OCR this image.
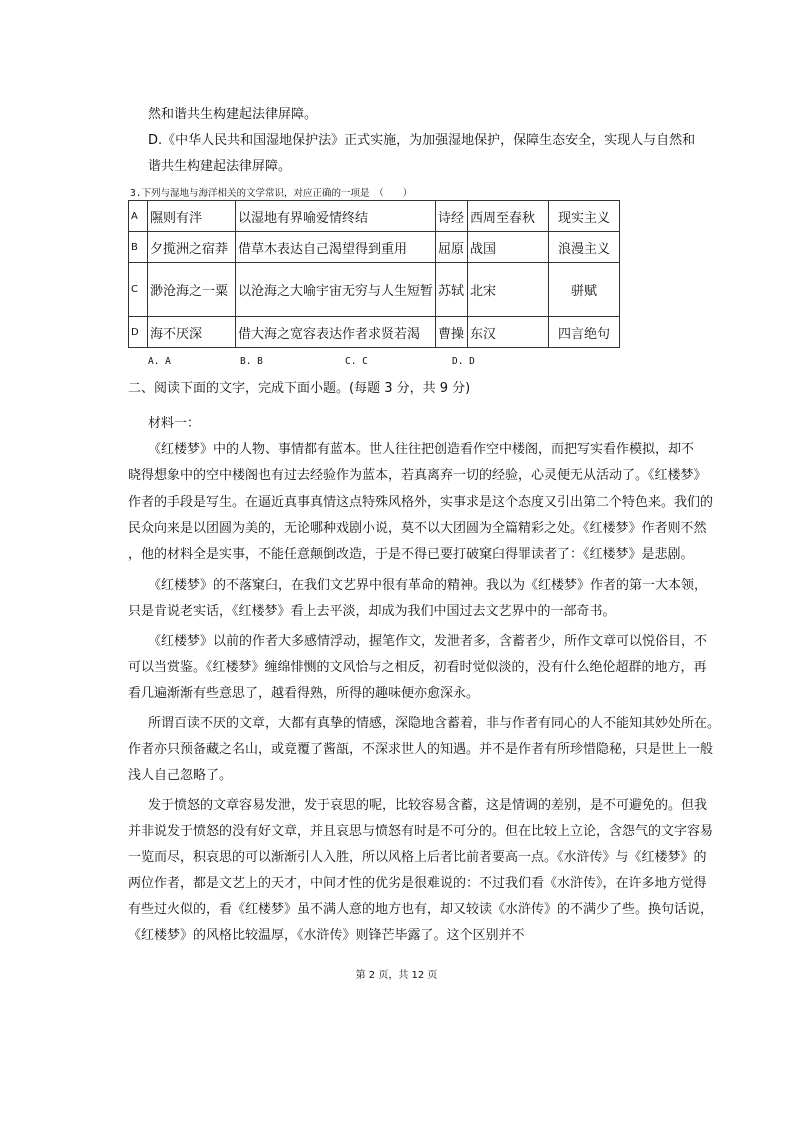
然和谐共生构建起法律屏障。
D.《中华人民共和国湿地保护法》正式实施，为加强湿地保护，保障生态安全，实现人与自然和
谐共生构建起法律屏障。
3.下列与湿地与海洋相关的文学常识，对应正确的一项是　（　　）
A	隰则有泮	以湿地有界喻爱情终结	诗经	西周至春秋	现实主义
B	夕揽洲之宿莽	借草木表达自己渴望得到重用	屈原	战国	浪漫主义
C	渺沧海之一粟	以沧海之大喻宇宙无穷与人生短暂	苏轼	北宋	骈赋
D	海不厌深	借大海之宽容表达作者求贤若渴	曹操	东汉	四言绝句
A. A	B. B	C. C	D. D
二、阅读下面的文字，完成下面小题。(每题 3 分，共 9 分)
材料一：
《红楼梦》中的人物、事情都有蓝本。世人往往把创造看作空中楼阁，而把写实看作模拟，却不
晓得想象中的空中楼阁也有过去经验作为蓝本，若真离弃一切的经验，心灵便无从活动了。《红楼梦》
作者的手段是写生。在逼近真事真情这点特殊风格外，实事求是这个态度又引出第二个特色来。我们的
民众向来是以团圆为美的，无论哪种戏剧小说，莫不以大团圆为全篇精彩之处。《红楼梦》作者则不然
，他的材料全是实事，不能任意颠倒改造，于是不得已要打破窠臼得罪读者了：《红楼梦》是悲剧。
《红楼梦》的不落窠臼，在我们文艺界中很有革命的精神。我以为《红楼梦》作者的第一大本领，
只是肯说老实话，《红楼梦》看上去平淡，却成为我们中国过去文艺界中的一部奇书。
《红楼梦》以前的作者大多感情浮动，握笔作文，发泄者多，含蓄者少，所作文章可以悦俗目，不
可以当赏鉴。《红楼梦》缠绵悱恻的文风恰与之相反，初看时觉似淡的，没有什么绝伦超群的地方，再
看几遍渐渐有些意思了，越看得熟，所得的趣味便亦愈深永。
所谓百读不厌的文章，大都有真挚的情感，深隐地含蓄着，非与作者有同心的人不能知其妙处所在。
作者亦只预备藏之名山，或竟覆了酱瓿，不深求世人的知遇。并不是作者有所珍惜隐秘，只是世上一般
浅人自己忽略了。
发于愤怒的文章容易发泄，发于哀思的呢，比较容易含蓄，这是情调的差别，是不可避免的。但我
并非说发于愤怒的没有好文章，并且哀思与愤怒有时是不可分的。但在比较上立论，含怨气的文字容易
一览而尽，积哀思的可以渐渐引人入胜，所以风格上后者比前者要高一点。《水浒传》与《红楼梦》的
两位作者，都是文艺上的天才，中间才性的优劣是很难说的：不过我们看《水浒传》，在许多地方觉得
有些过火似的，看《红楼梦》虽不满人意的地方也有，却又较读《水浒传》的不满少了些。换句话说，
《红楼梦》的风格比较温厚，《水浒传》则锋芒毕露了。这个区别并不
第 2 页，共 12 页
